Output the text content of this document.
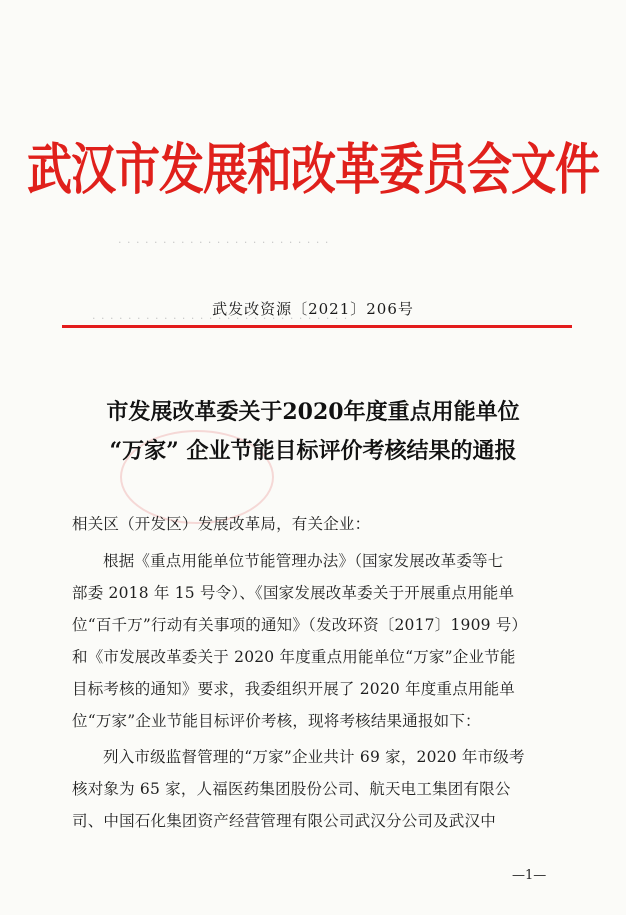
武汉市发展和改革委员会文件
· · · · · · · · · · · · · · · · · · · · · · · ·
· · · · · · · · · · · · · · · · · · · · · · · · · · · · ·
武发改资源〔2021〕206号
市发展改革委关于2020年度重点用能单位
“万家” 企业节能目标评价考核结果的通报
相关区（开发区）发展改革局，有关企业：
根据《重点用能单位节能管理办法》（国家发展改革委等七
部委 2018 年 15 号令）、《国家发展改革委关于开展重点用能单
位“百千万”行动有关事项的通知》（发改环资〔2017〕1909 号）
和《市发展改革委关于 2020 年度重点用能单位“万家”企业节能
目标考核的通知》要求，我委组织开展了 2020 年度重点用能单
位“万家”企业节能目标评价考核，现将考核结果通报如下：
列入市级监督管理的“万家”企业共计 69 家，2020 年市级考
核对象为 65 家，人福医药集团股份公司、航天电工集团有限公
司、中国石化集团资产经营管理有限公司武汉分公司及武汉中
—1—
